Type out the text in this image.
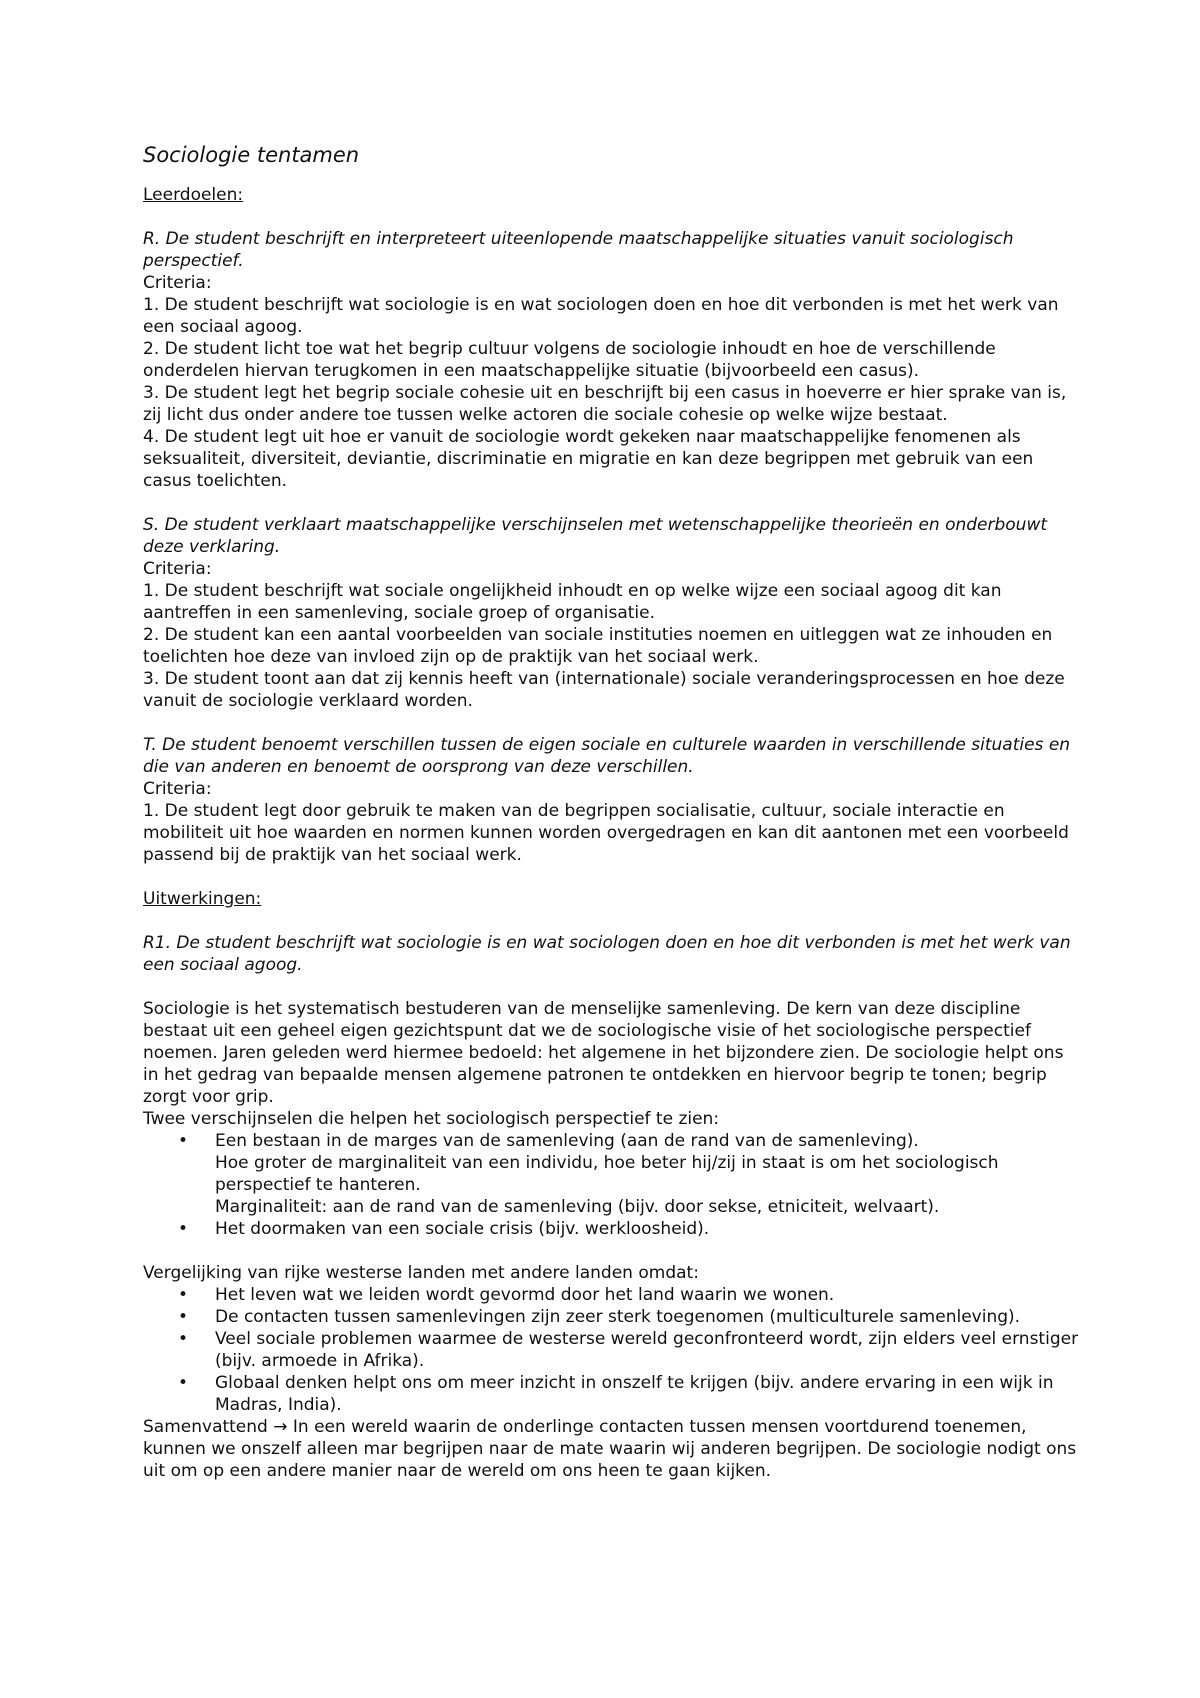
Sociologie tentamen

Leerdoelen:

R. De student beschrijft en interpreteert uiteenlopende maatschappelijke situaties vanuit sociologisch perspectief.

Criteria:

1. De student beschrijft wat sociologie is en wat sociologen doen en hoe dit verbonden is met het werk van een sociaal agoog.

2. De student licht toe wat het begrip cultuur volgens de sociologie inhoudt en hoe de verschillende onderdelen hiervan terugkomen in een maatschappelijke situatie (bijvoorbeeld een casus).

3. De student legt het begrip sociale cohesie uit en beschrijft bij een casus in hoeverre er hier sprake van is, zij licht dus onder andere toe tussen welke actoren die sociale cohesie op welke wijze bestaat.

4. De student legt uit hoe er vanuit de sociologie wordt gekeken naar maatschappelijke fenomenen als seksualiteit, diversiteit, deviantie, discriminatie en migratie en kan deze begrippen met gebruik van een casus toelichten.

S. De student verklaart maatschappelijke verschijnselen met wetenschappelijke theorieën en onderbouwt deze verklaring.

Criteria:

1. De student beschrijft wat sociale ongelijkheid inhoudt en op welke wijze een sociaal agoog dit kan aantreffen in een samenleving, sociale groep of organisatie.

2. De student kan een aantal voorbeelden van sociale instituties noemen en uitleggen wat ze inhouden en toelichten hoe deze van invloed zijn op de praktijk van het sociaal werk.

3. De student toont aan dat zij kennis heeft van (internationale) sociale veranderingsprocessen en hoe deze vanuit de sociologie verklaard worden.

T. De student benoemt verschillen tussen de eigen sociale en culturele waarden in verschillende situaties en die van anderen en benoemt de oorsprong van deze verschillen.

Criteria:

1. De student legt door gebruik te maken van de begrippen socialisatie, cultuur, sociale interactie en mobiliteit uit hoe waarden en normen kunnen worden overgedragen en kan dit aantonen met een voorbeeld passend bij de praktijk van het sociaal werk.

Uitwerkingen:

R1. De student beschrijft wat sociologie is en wat sociologen doen en hoe dit verbonden is met het werk van een sociaal agoog.

Sociologie is het systematisch bestuderen van de menselijke samenleving. De kern van deze discipline bestaat uit een geheel eigen gezichtspunt dat we de sociologische visie of het sociologische perspectief noemen. Jaren geleden werd hiermee bedoeld: het algemene in het bijzondere zien. De sociologie helpt ons in het gedrag van bepaalde mensen algemene patronen te ontdekken en hiervoor begrip te tonen; begrip zorgt voor grip.

Twee verschijnselen die helpen het sociologisch perspectief te zien:

• Een bestaan in de marges van de samenleving (aan de rand van de samenleving).
Hoe groter de marginaliteit van een individu, hoe beter hij/zij in staat is om het sociologisch perspectief te hanteren.
Marginaliteit: aan de rand van de samenleving (bijv. door sekse, etniciteit, welvaart).
• Het doormaken van een sociale crisis (bijv. werkloosheid).

Vergelijking van rijke westerse landen met andere landen omdat:

• Het leven wat we leiden wordt gevormd door het land waarin we wonen.
• De contacten tussen samenlevingen zijn zeer sterk toegenomen (multiculturele samenleving).
• Veel sociale problemen waarmee de westerse wereld geconfronteerd wordt, zijn elders veel ernstiger (bijv. armoede in Afrika).
• Globaal denken helpt ons om meer inzicht in onszelf te krijgen (bijv. andere ervaring in een wijk in Madras, India).

Samenvattend → In een wereld waarin de onderlinge contacten tussen mensen voortdurend toenemen, kunnen we onszelf alleen mar begrijpen naar de mate waarin wij anderen begrijpen. De sociologie nodigt ons uit om op een andere manier naar de wereld om ons heen te gaan kijken.
